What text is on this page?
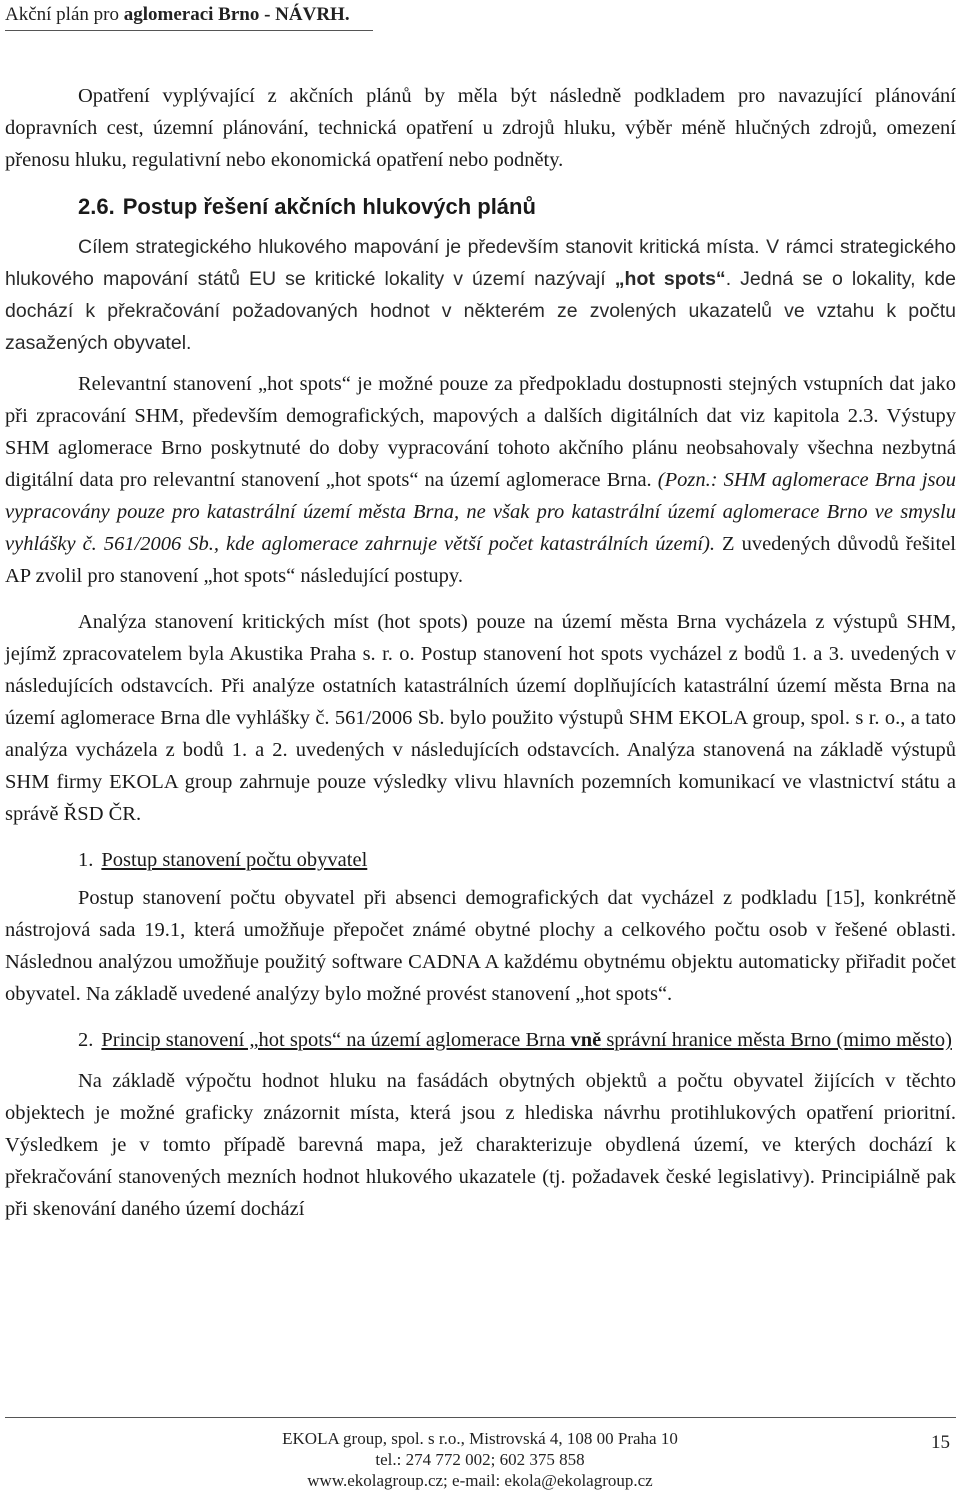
Akční plán pro aglomeraci Brno - NÁVRH.

Opatření vyplývající z akčních plánů by měla být následně podkladem pro navazující plánování dopravních cest, územní plánování, technická opatření u zdrojů hluku, výběr méně hlučných zdrojů, omezení přenosu hluku, regulativní nebo ekonomická opatření nebo podněty.

2.6. Postup řešení akčních hlukových plánů

Cílem strategického hlukového mapování je především stanovit kritická místa. V rámci strategického hlukového mapování států EU se kritické lokality v území nazývají „hot spots“. Jedná se o lokality, kde dochází k překračování požadovaných hodnot v některém ze zvolených ukazatelů ve vztahu k počtu zasažených obyvatel.

Relevantní stanovení „hot spots“ je možné pouze za předpokladu dostupnosti stejných vstupních dat jako při zpracování SHM, především demografických, mapových a dalších digitálních dat viz kapitola 2.3. Výstupy SHM aglomerace Brno poskytnuté do doby vypracování tohoto akčního plánu neobsahovaly všechna nezbytná digitální data pro relevantní stanovení „hot spots“ na území aglomerace Brna. (Pozn.: SHM aglomerace Brna jsou vypracovány pouze pro katastrální území města Brna, ne však pro katastrální území aglomerace Brno ve smyslu vyhlášky č. 561/2006 Sb., kde aglomerace zahrnuje větší počet katastrálních území). Z uvedených důvodů řešitel AP zvolil pro stanovení „hot spots“ následující postupy.

Analýza stanovení kritických míst (hot spots) pouze na území města Brna vycházela z výstupů SHM, jejímž zpracovatelem byla Akustika Praha s. r. o. Postup stanovení hot spots vycházel z bodů 1. a 3. uvedených v následujících odstavcích. Při analýze ostatních katastrálních území doplňujících katastrální území města Brna na území aglomerace Brna dle vyhlášky č. 561/2006 Sb. bylo použito výstupů SHM EKOLA group, spol. s r. o., a tato analýza vycházela z bodů 1. a 2. uvedených v následujících odstavcích. Analýza stanovená na základě výstupů SHM firmy EKOLA group zahrnuje pouze výsledky vlivu hlavních pozemních komunikací ve vlastnictví státu a správě ŘSD ČR.

1. Postup stanovení počtu obyvatel

Postup stanovení počtu obyvatel při absenci demografických dat vycházel z podkladu [15], konkrétně nástrojová sada 19.1, která umožňuje přepočet známé obytné plochy a celkového počtu osob v řešené oblasti. Následnou analýzou umožňuje použitý software CADNA A každému obytnému objektu automaticky přiřadit počet obyvatel. Na základě uvedené analýzy bylo možné provést stanovení „hot spots“.

2. Princip stanovení „hot spots“ na území aglomerace Brna vně správní hranice města Brno (mimo město)

Na základě výpočtu hodnot hluku na fasádách obytných objektů a počtu obyvatel žijících v těchto objektech je možné graficky znázornit místa, která jsou z hlediska návrhu protihlukových opatření prioritní. Výsledkem je v tomto případě barevná mapa, jež charakterizuje obydlená území, ve kterých dochází k překračování stanovených mezních hodnot hlukového ukazatele (tj. požadavek české legislativy). Principiálně pak při skenování daného území dochází

EKOLA group, spol. s r.o., Mistrovská 4, 108 00 Praha 10
tel.: 274 772 002; 602 375 858
www.ekolagroup.cz; e-mail: ekola@ekolagroup.cz
15
